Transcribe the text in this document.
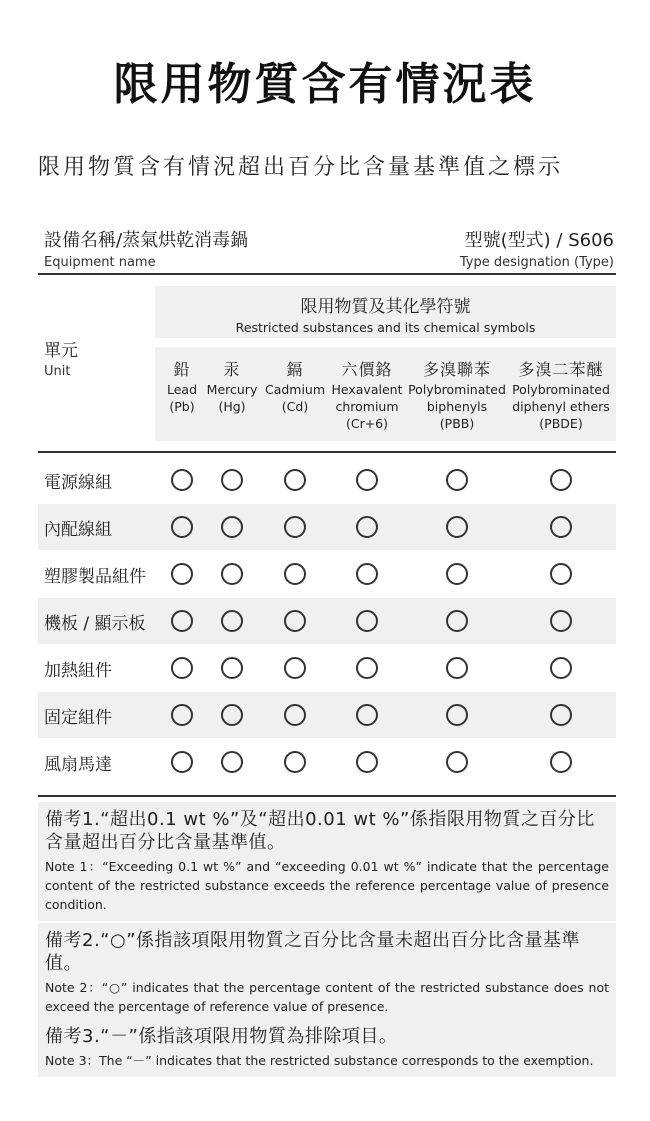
限用物質含有情況表
限用物質含有情況超出百分比含量基準值之標示
設備名稱/蒸氣烘乾消毒鍋
Equipment name
型號(型式) / S606
Type designation (Type)
單元
Unit
限用物質及其化學符號
Restricted substances and its chemical symbols
鉛
Lead
(Pb)
汞
Mercury
(Hg)
鎘
Cadmium
(Cd)
六價鉻
Hexavalent
chromium
(Cr+6)
多溴聯苯
Polybrominated
biphenyls
(PBB)
多溴二苯醚
Polybrominated
diphenyl ethers
(PBDE)
電源線組
內配線組
塑膠製品組件
機板 / 顯示板
加熱組件
固定組件
風扇馬達
備考1.“超出0.1 wt %”及“超出0.01 wt %”係指限用物質之百分比含量超出百分比含量基準值。
Note 1：“Exceeding 0.1 wt %” and “exceeding 0.01 wt %” indicate that the percentage content of the restricted substance exceeds the reference percentage value of presence condition.
備考2.“○”係指該項限用物質之百分比含量未超出百分比含量基準值。
Note 2：“○” indicates that the percentage content of the restricted substance does not exceed the percentage of reference value of presence.
備考3.“－”係指該項限用物質為排除項目。
Note 3：The “－” indicates that the restricted substance corresponds to the exemption.
